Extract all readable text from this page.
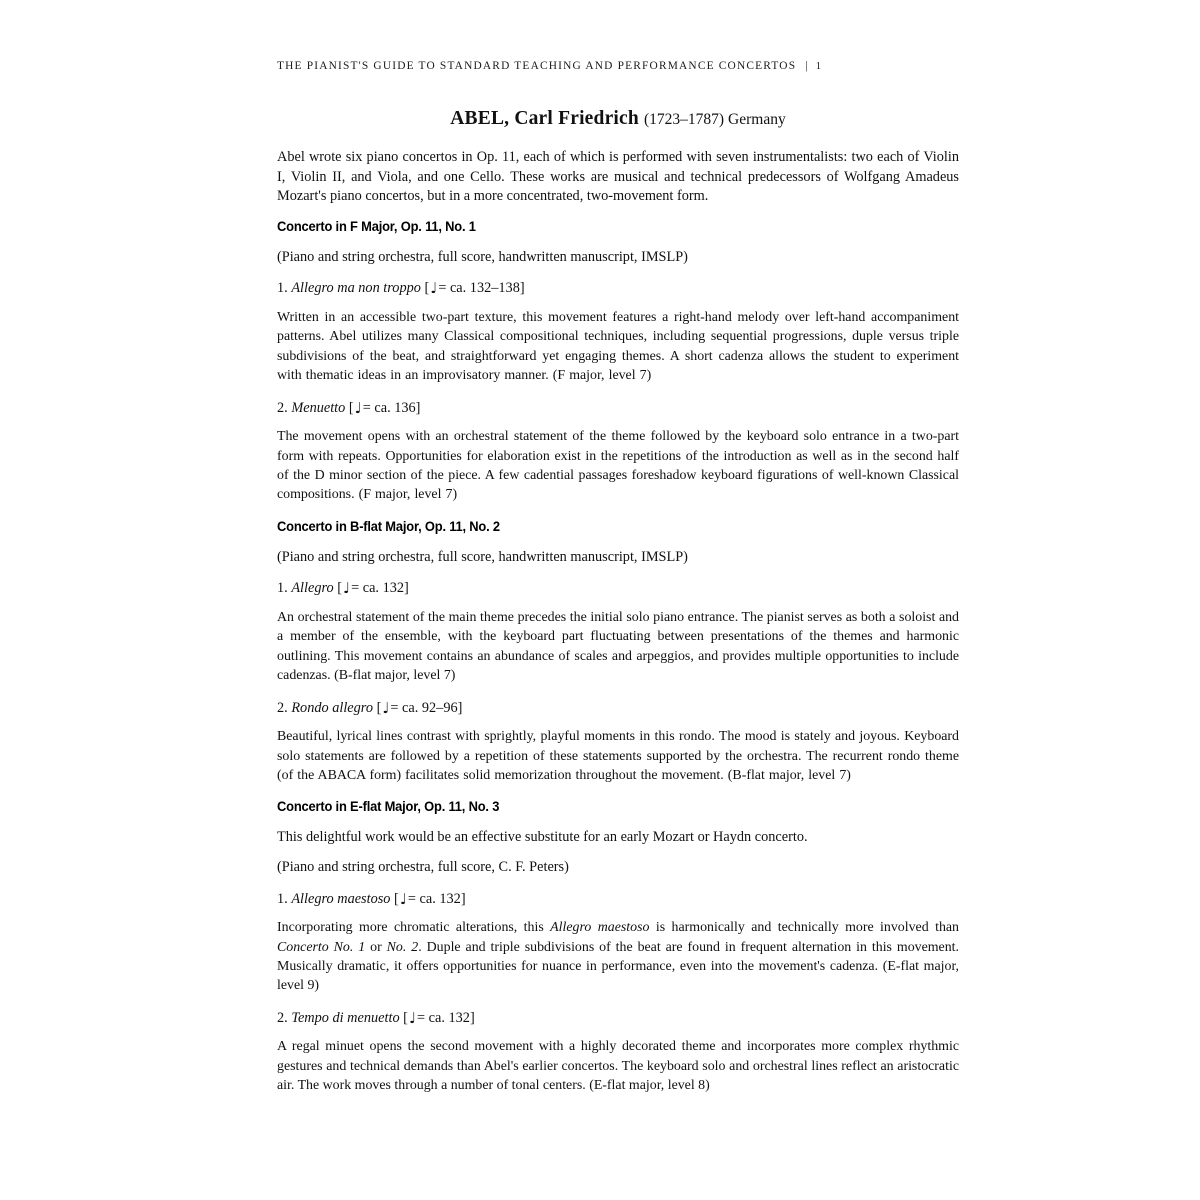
THE PIANIST'S GUIDE TO STANDARD TEACHING AND PERFORMANCE CONCERTOS | 1
ABEL, Carl Friedrich (1723–1787) Germany

Abel wrote six piano concertos in Op. 11, each of which is performed with seven instrumentalists: two each of Violin I, Violin II, and Viola, and one Cello. These works are musical and technical predecessors of Wolfgang Amadeus Mozart's piano concertos, but in a more concentrated, two-movement form.

Concerto in F Major, Op. 11, No. 1

(Piano and string orchestra, full score, handwritten manuscript, IMSLP)

1. Allegro ma non troppo [♩= ca. 132–138]

Written in an accessible two-part texture, this movement features a right-hand melody over left-hand accompaniment patterns. Abel utilizes many Classical compositional techniques, including sequential progressions, duple versus triple subdivisions of the beat, and straightforward yet engaging themes. A short cadenza allows the student to experiment with thematic ideas in an improvisatory manner. (F major, level 7)

2. Menuetto [♩= ca. 136]

The movement opens with an orchestral statement of the theme followed by the keyboard solo entrance in a two-part form with repeats. Opportunities for elaboration exist in the repetitions of the introduction as well as in the second half of the D minor section of the piece. A few cadential passages foreshadow keyboard figurations of well-known Classical compositions. (F major, level 7)

Concerto in B-flat Major, Op. 11, No. 2

(Piano and string orchestra, full score, handwritten manuscript, IMSLP)

1. Allegro [♩= ca. 132]

An orchestral statement of the main theme precedes the initial solo piano entrance. The pianist serves as both a soloist and a member of the ensemble, with the keyboard part fluctuating between presentations of the themes and harmonic outlining. This movement contains an abundance of scales and arpeggios, and provides multiple opportunities to include cadenzas. (B-flat major, level 7)

2. Rondo allegro [♩= ca. 92–96]

Beautiful, lyrical lines contrast with sprightly, playful moments in this rondo. The mood is stately and joyous. Keyboard solo statements are followed by a repetition of these statements supported by the orchestra. The recurrent rondo theme (of the ABACA form) facilitates solid memorization throughout the movement. (B-flat major, level 7)

Concerto in E-flat Major, Op. 11, No. 3

This delightful work would be an effective substitute for an early Mozart or Haydn concerto.

(Piano and string orchestra, full score, C. F. Peters)

1. Allegro maestoso [♩= ca. 132]

Incorporating more chromatic alterations, this Allegro maestoso is harmonically and technically more involved than Concerto No. 1 or No. 2. Duple and triple subdivisions of the beat are found in frequent alternation in this movement. Musically dramatic, it offers opportunities for nuance in performance, even into the movement's cadenza. (E-flat major, level 9)

2. Tempo di menuetto [♩= ca. 132]

A regal minuet opens the second movement with a highly decorated theme and incorporates more complex rhythmic gestures and technical demands than Abel's earlier concertos. The keyboard solo and orchestral lines reflect an aristocratic air. The work moves through a number of tonal centers. (E-flat major, level 8)
